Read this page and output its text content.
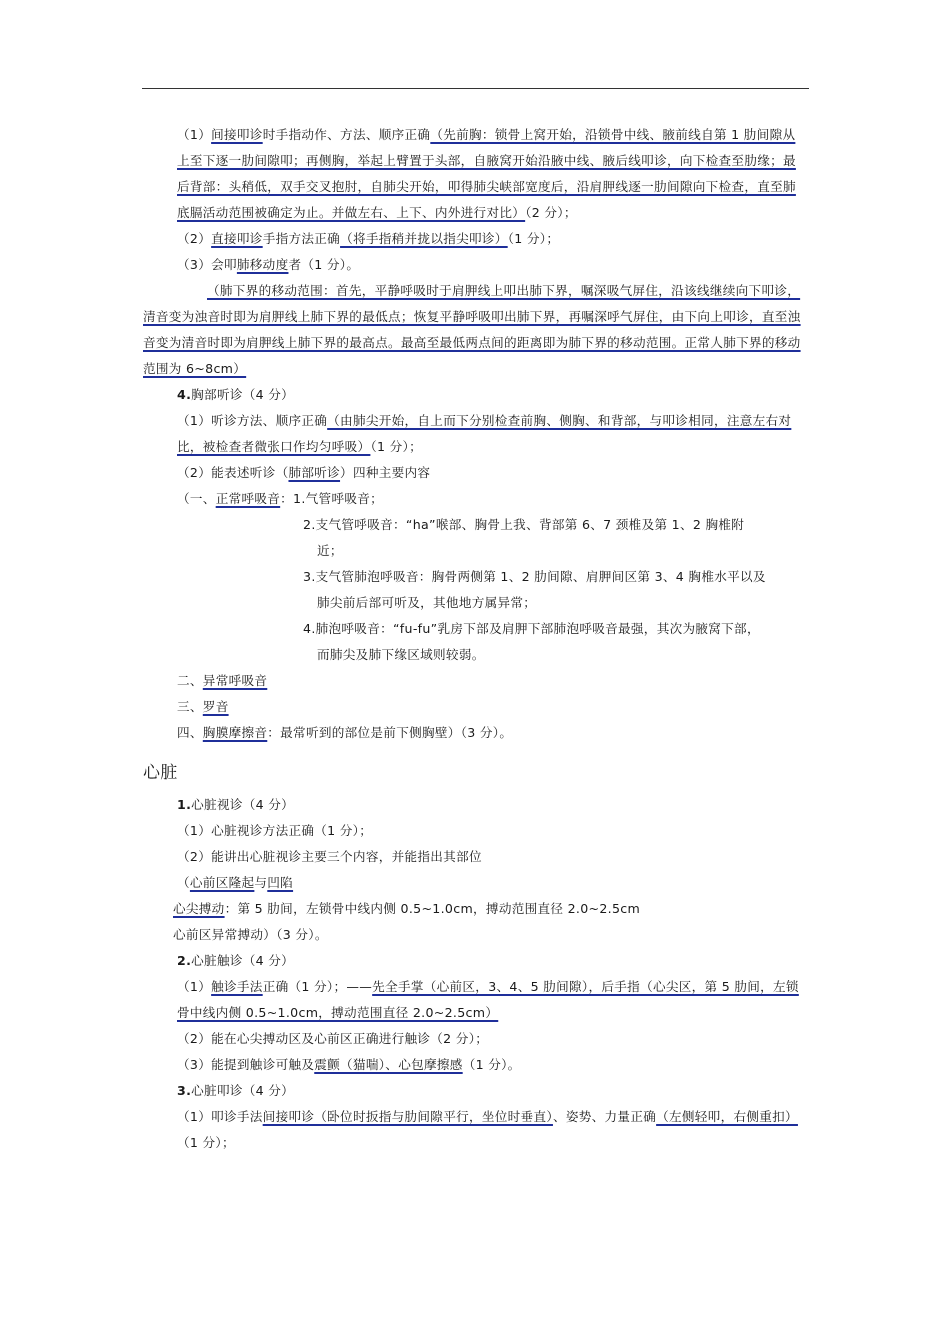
（1）间接叩诊时手指动作、方法、顺序正确（先前胸：锁骨上窝开始，沿锁骨中线、腋前线自第 1 肋间隙从上至下逐一肋间隙叩；再侧胸，举起上臂置于头部，自腋窝开始沿腋中线、腋后线叩诊，向下检查至肋缘；最后背部：头稍低，双手交叉抱肘，自肺尖开始，叩得肺尖峡部宽度后，沿肩胛线逐一肋间隙向下检查，直至肺底膈活动范围被确定为止。并做左右、上下、内外进行对比）（2 分）；

（2）直接叩诊手指方法正确（将手指稍并拢以指尖叩诊）（1 分）；

（3）会叩肺移动度者（1 分）。

（肺下界的移动范围：首先，平静呼吸时于肩胛线上叩出肺下界，嘱深吸气屏住，沿该线继续向下叩诊，清音变为浊音时即为肩胛线上肺下界的最低点；恢复平静呼吸叩出肺下界，再嘱深呼气屏住，由下向上叩诊，直至浊音变为清音时即为肩胛线上肺下界的最高点。最高至最低两点间的距离即为肺下界的移动范围。正常人肺下界的移动范围为 6~8cm）

4.胸部听诊（4 分）

（1）听诊方法、顺序正确（由肺尖开始，自上而下分别检查前胸、侧胸、和背部，与叩诊相同，注意左右对比，被检查者微张口作均匀呼吸）（1 分）；

（2）能表述听诊（肺部听诊）四种主要内容

（一、正常呼吸音：1.气管呼吸音；

2.支气管呼吸音：“ha”喉部、胸骨上我、背部第 6、7 颈椎及第 1、2 胸椎附
近；

3.支气管肺泡呼吸音：胸骨两侧第 1、2 肋间隙、肩胛间区第 3、4 胸椎水平以及
肺尖前后部可听及，其他地方属异常；

4.肺泡呼吸音：“fu-fu”乳房下部及肩胛下部肺泡呼吸音最强，其次为腋窝下部，
而肺尖及肺下缘区域则较弱。

二、异常呼吸音

三、罗音

四、胸膜摩擦音：最常听到的部位是前下侧胸壁）（3 分）。

心脏

1.心脏视诊（4 分）

（1）心脏视诊方法正确（1 分）；

（2）能讲出心脏视诊主要三个内容，并能指出其部位

（心前区隆起与凹陷

心尖搏动：第 5 肋间，左锁骨中线内侧 0.5~1.0cm，搏动范围直径 2.0~2.5cm

心前区异常搏动）（3 分）。

2.心脏触诊（4 分）

（1）触诊手法正确（1 分）；——先全手掌（心前区，3、4、5 肋间隙），后手指（心尖区，第 5 肋间，左锁骨中线内侧 0.5~1.0cm，搏动范围直径 2.0~2.5cm）

（2）能在心尖搏动区及心前区正确进行触诊（2 分）；

（3）能提到触诊可触及震颤（猫喘）、心包摩擦感（1 分）。

3.心脏叩诊（4 分）

（1）叩诊手法间接叩诊（卧位时扳指与肋间隙平行，坐位时垂直）、姿势、力量正确（左侧轻叩，右侧重扣）（1 分）；
